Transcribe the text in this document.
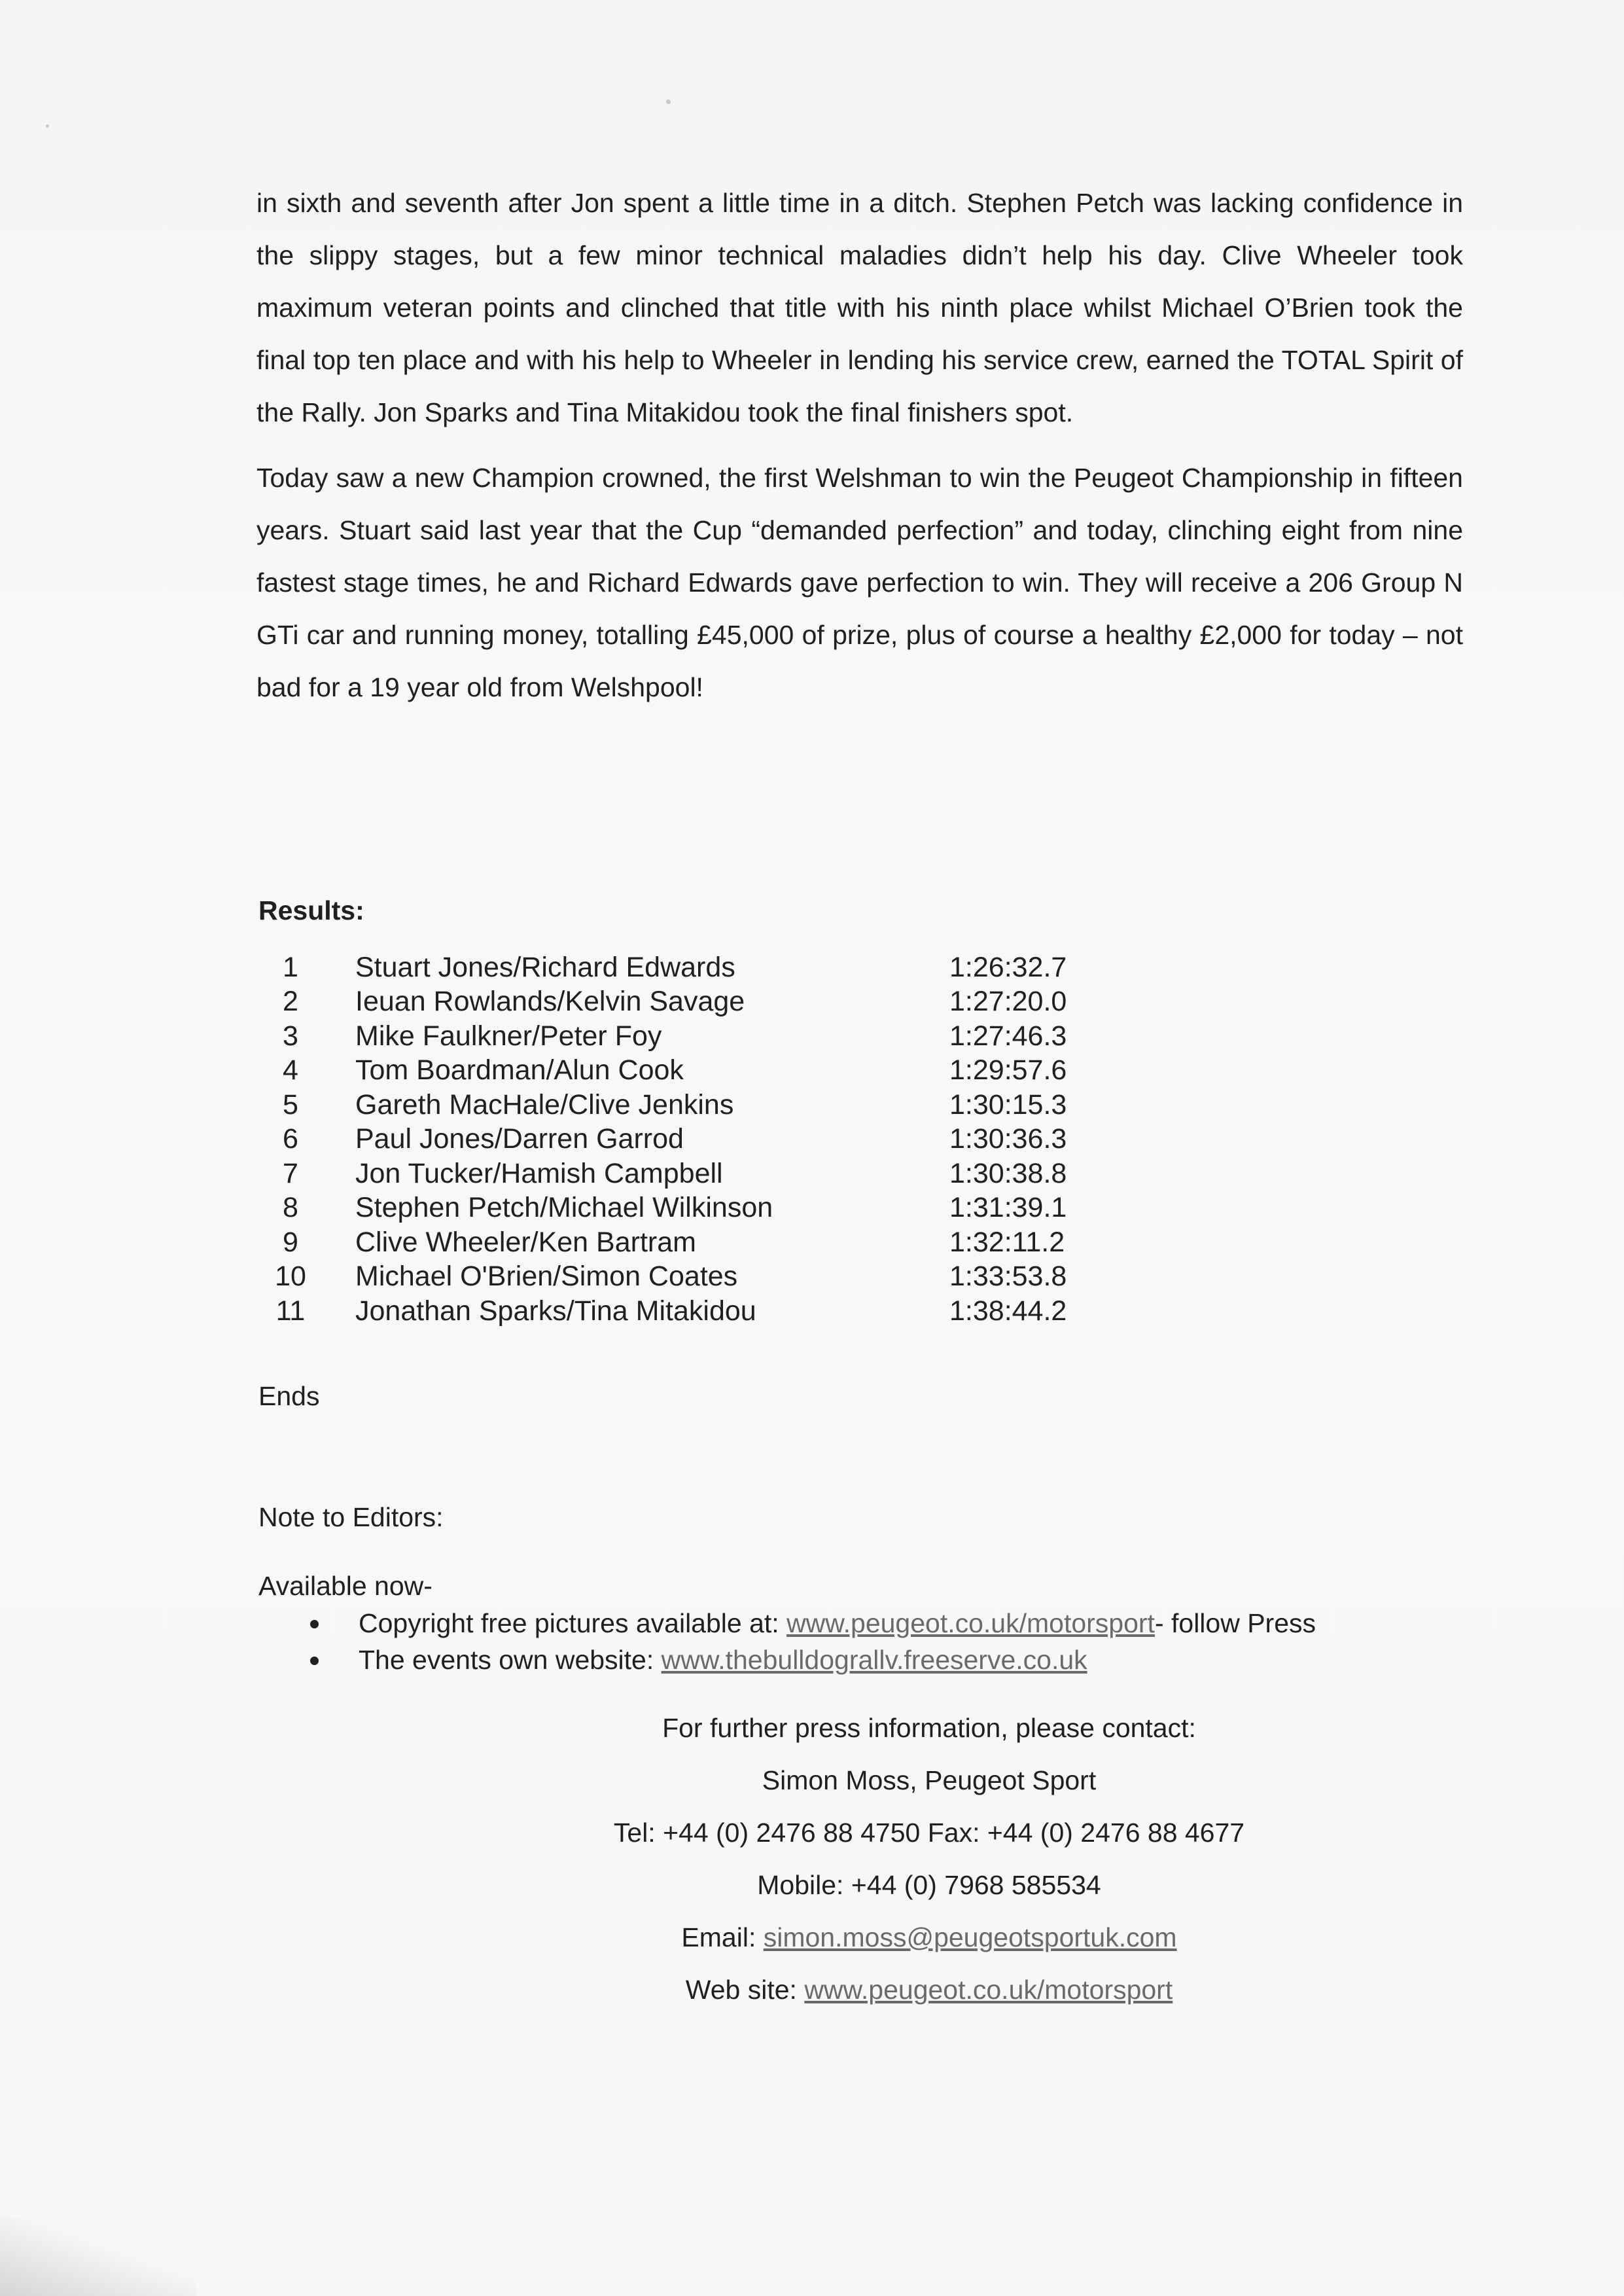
in sixth and seventh after Jon spent a little time in a ditch. Stephen Petch was lacking confidence in the slippy stages, but a few minor technical maladies didn’t help his day. Clive Wheeler took maximum veteran points and clinched that title with his ninth place whilst Michael O’Brien took the final top ten place and with his help to Wheeler in lending his service crew, earned the TOTAL Spirit of the Rally. Jon Sparks and Tina Mitakidou took the final finishers spot.

Today saw a new Champion crowned, the first Welshman to win the Peugeot Championship in fifteen years. Stuart said last year that the Cup “demanded perfection” and today, clinching eight from nine fastest stage times, he and Richard Edwards gave perfection to win. They will receive a 206 Group N GTi car and running money, totalling £45,000 of prize, plus of course a healthy £2,000 for today – not bad for a 19 year old from Welshpool!

Results:

1	Stuart Jones/Richard Edwards	1:26:32.7
2	Ieuan Rowlands/Kelvin Savage	1:27:20.0
3	Mike Faulkner/Peter Foy	1:27:46.3
4	Tom Boardman/Alun Cook	1:29:57.6
5	Gareth MacHale/Clive Jenkins	1:30:15.3
6	Paul Jones/Darren Garrod	1:30:36.3
7	Jon Tucker/Hamish Campbell	1:30:38.8
8	Stephen Petch/Michael Wilkinson	1:31:39.1
9	Clive Wheeler/Ken Bartram	1:32:11.2
10	Michael O'Brien/Simon Coates	1:33:53.8
11	Jonathan Sparks/Tina Mitakidou	1:38:44.2

Ends

Note to Editors:

Available now-

Copyright free pictures available at: www.peugeot.co.uk/motorsport- follow Press
The events own website: www.thebulldograllv.freeserve.co.uk
For further press information, please contact:
Simon Moss, Peugeot Sport
Tel: +44 (0) 2476 88 4750 Fax: +44 (0) 2476 88 4677
Mobile: +44 (0) 7968 585534
Email: simon.moss@peugeotsportuk.com
Web site: www.peugeot.co.uk/motorsport
